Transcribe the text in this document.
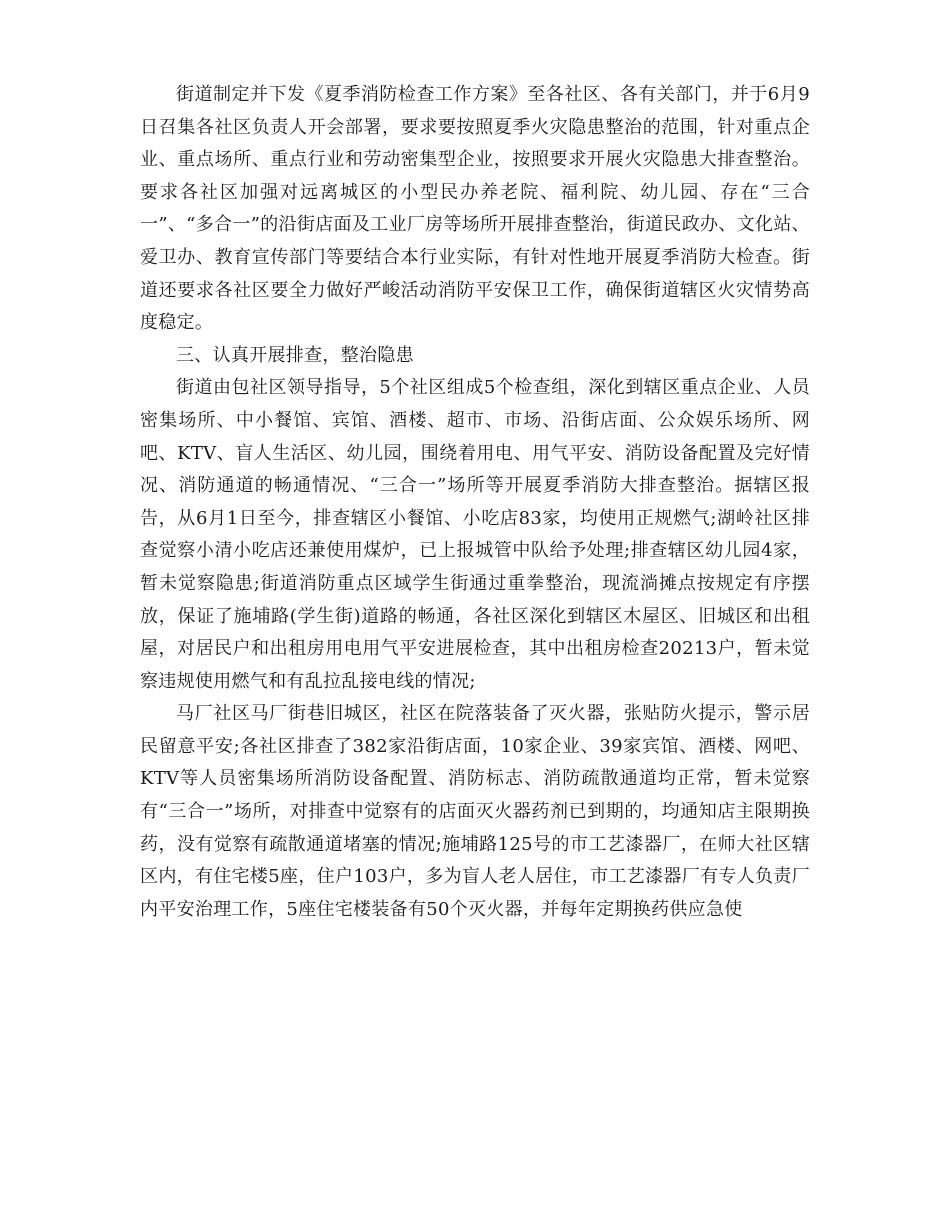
街道制定并下发《夏季消防检查工作方案》至各社区、各有关部门，并于6月9日召集各社区负责人开会部署，要求要按照夏季火灾隐患整治的范围，针对重点企业、重点场所、重点行业和劳动密集型企业，按照要求开展火灾隐患大排查整治。要求各社区加强对远离城区的小型民办养老院、福利院、幼儿园、存在“三合一”、“多合一”的沿街店面及工业厂房等场所开展排查整治，街道民政办、文化站、爱卫办、教育宣传部门等要结合本行业实际，有针对性地开展夏季消防大检查。街道还要求各社区要全力做好严峻活动消防平安保卫工作，确保街道辖区火灾情势高度稳定。

三、认真开展排查，整治隐患

街道由包社区领导指导，5个社区组成5个检查组，深化到辖区重点企业、人员密集场所、中小餐馆、宾馆、酒楼、超市、市场、沿街店面、公众娱乐场所、网吧、KTV、盲人生活区、幼儿园，围绕着用电、用气平安、消防设备配置及完好情况、消防通道的畅通情况、“三合一”场所等开展夏季消防大排查整治。据辖区报告，从6月1日至今，排查辖区小餐馆、小吃店83家，均使用正规燃气;湖岭社区排查觉察小清小吃店还兼使用煤炉，已上报城管中队给予处理;排查辖区幼儿园4家，暂未觉察隐患;街道消防重点区域学生街通过重拳整治，现流淌摊点按规定有序摆放，保证了施埔路(学生街)道路的畅通，各社区深化到辖区木屋区、旧城区和出租屋，对居民户和出租房用电用气平安进展检查，其中出租房检查20213户，暂未觉察违规使用燃气和有乱拉乱接电线的情况;

马厂社区马厂街巷旧城区，社区在院落装备了灭火器，张贴防火提示，警示居民留意平安;各社区排查了382家沿街店面，10家企业、39家宾馆、酒楼、网吧、KTV等人员密集场所消防设备配置、消防标志、消防疏散通道均正常，暂未觉察有“三合一”场所，对排查中觉察有的店面灭火器药剂已到期的，均通知店主限期换药，没有觉察有疏散通道堵塞的情况;施埔路125号的市工艺漆器厂，在师大社区辖区内，有住宅楼5座，住户103户，多为盲人老人居住，市工艺漆器厂有专人负责厂内平安治理工作，5座住宅楼装备有50个灭火器，并每年定期换药供应急使
